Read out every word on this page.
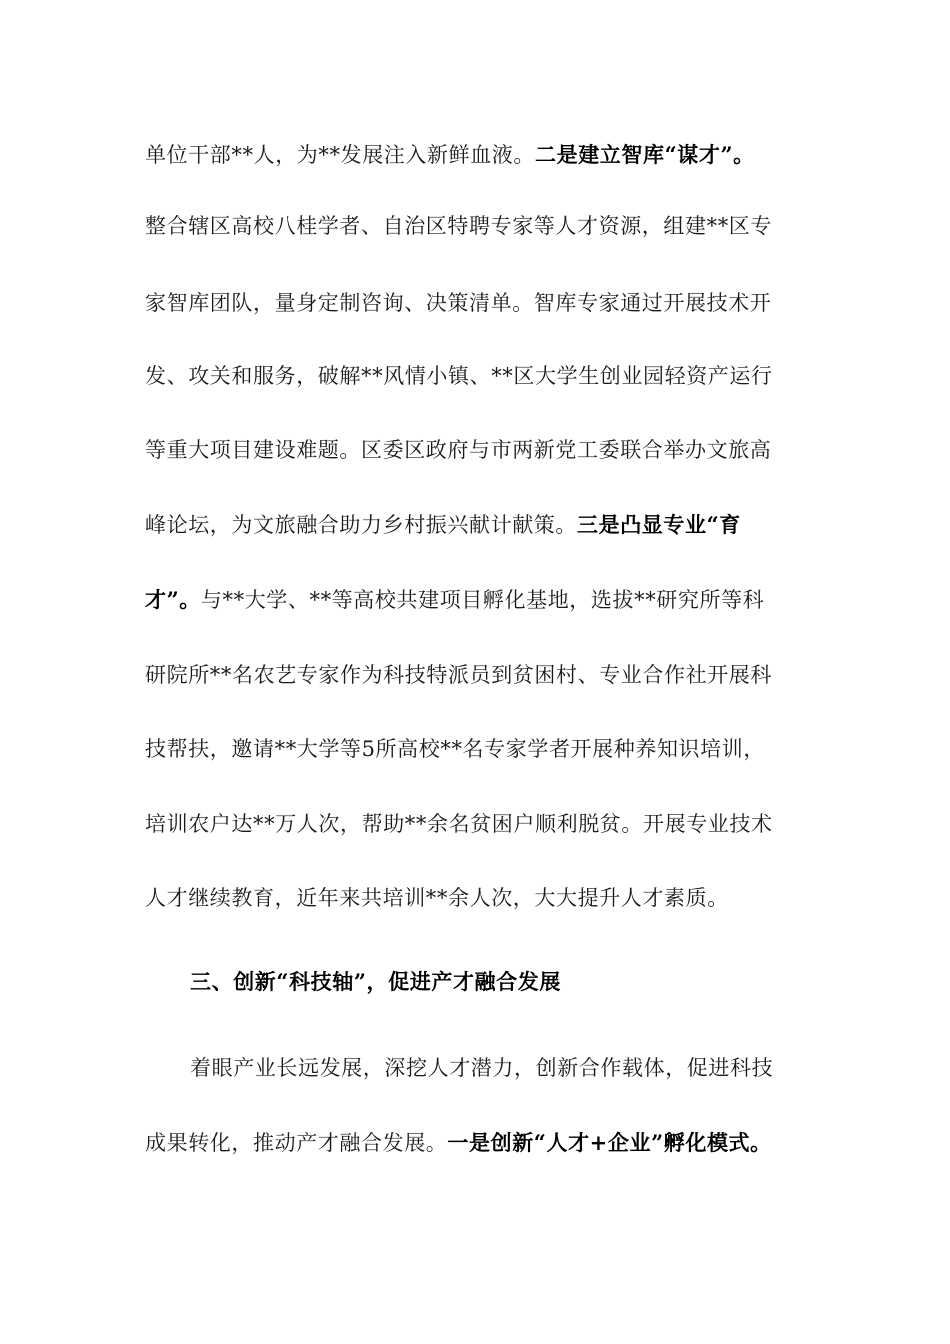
单位干部**人，为**发展注入新鲜血液。二是建立智库“谋才”。
整合辖区高校八桂学者、自治区特聘专家等人才资源，组建**区专
家智库团队，量身定制咨询、决策清单。智库专家通过开展技术开
发、攻关和服务，破解**风情小镇、**区大学生创业园轻资产运行
等重大项目建设难题。区委区政府与市两新党工委联合举办文旅高
峰论坛，为文旅融合助力乡村振兴献计献策。三是凸显专业“育
才”。与**大学、**等高校共建项目孵化基地，选拔**研究所等科
研院所**名农艺专家作为科技特派员到贫困村、专业合作社开展科
技帮扶，邀请**大学等5所高校**名专家学者开展种养知识培训，
培训农户达**万人次，帮助**余名贫困户顺利脱贫。开展专业技术
人才继续教育，近年来共培训**余人次，大大提升人才素质。
三、创新“科技轴”，促进产才融合发展
着眼产业长远发展，深挖人才潜力，创新合作载体，促进科技
成果转化，推动产才融合发展。一是创新“人才+企业”孵化模式。
